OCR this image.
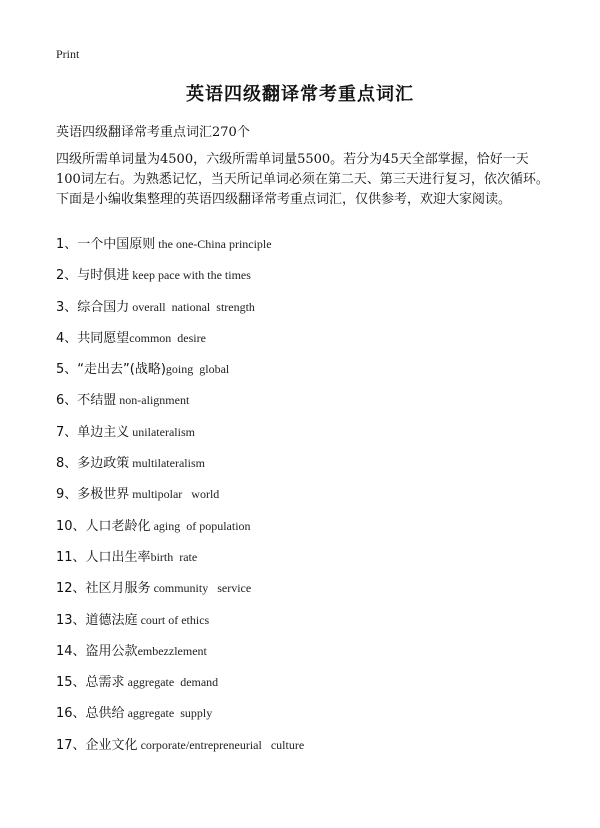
Print
英语四级翻译常考重点词汇
英语四级翻译常考重点词汇270个

四级所需单词量为4500，六级所需单词量5500。若分为45天全部掌握，恰好一天100词左右。为熟悉记忆，当天所记单词必须在第二天、第三天进行复习，依次循环。下面是小编收集整理的英语四级翻译常考重点词汇，仅供参考，欢迎大家阅读。

1、一个中国原则 the one-China principle
2、与时俱进 keep pace with the times
3、综合国力 overall  national  strength
4、共同愿望common  desire
5、“走出去”(战略)going  global
6、不结盟 non-alignment
7、单边主义 unilateralism
8、多边政策 multilateralism
9、多极世界 multipolar   world
10、人口老龄化 aging  of population
11、人口出生率birth  rate
12、社区月服务 community   service
13、道德法庭 court of ethics
14、盗用公款embezzlement
15、总需求 aggregate  demand
16、总供给 aggregate  supply
17、企业文化 corporate/entrepreneurial   culture
